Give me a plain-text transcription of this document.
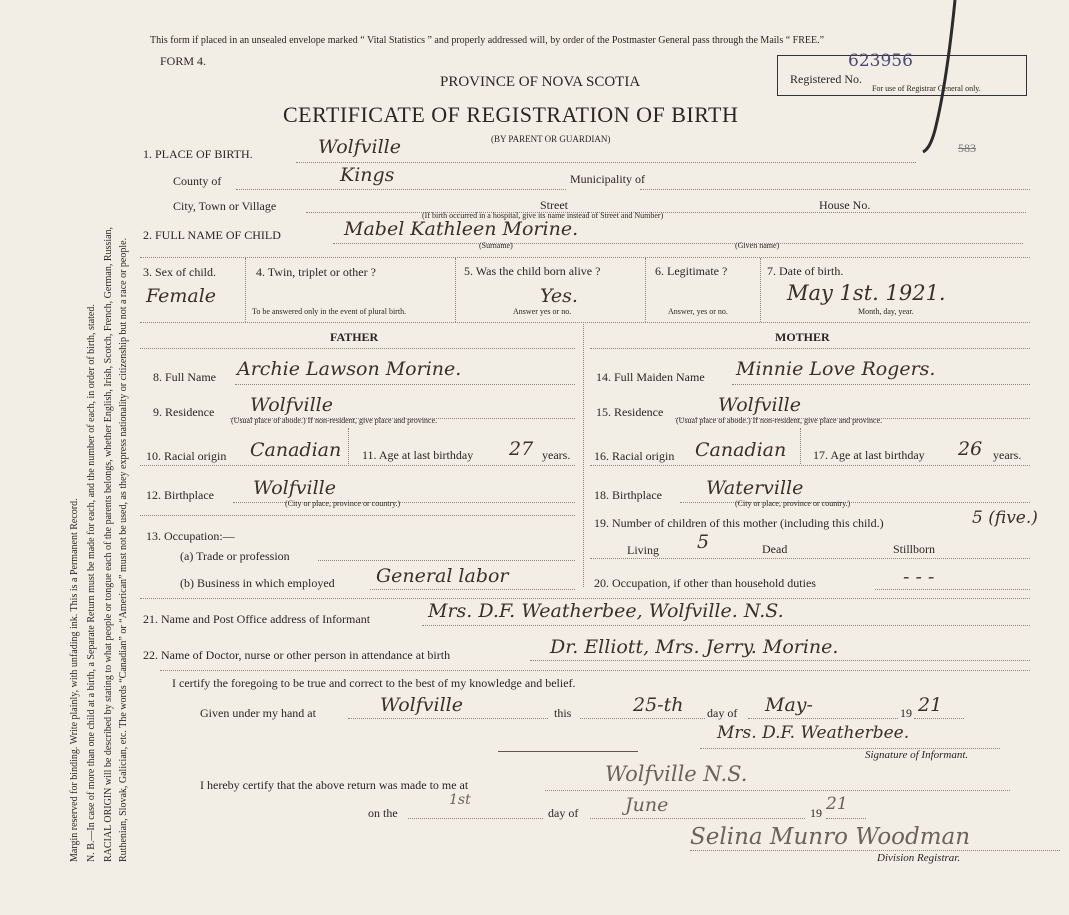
Margin reserved for binding. Write plainly, with unfading ink. This is a Permanent Record. N. B.—In case of more than one child at a birth, a Separate Return must be made for each, and the number of each, in order of birth, stated. RACIAL ORIGIN will be described by stating to what people or tongue each of the parents belongs, whether English, Irish, Scotch, French, German, Russian, Ruthenian, Slovak, Galician, etc. The words “Canadian” or “American” must not be used, as they express nationality or citizenship but not a race or people.
This form if placed in an unsealed envelope marked “ Vital Statistics ” and properly addressed will, by order of the Postmaster General pass through the Mails “ FREE.”
FORM 4.
PROVINCE OF NOVA SCOTIA
CERTIFICATE OF REGISTRATION OF BIRTH
(BY PARENT OR GUARDIAN)
623956
Registered No.
For use of Registrar General only.
583
1. PLACE OF BIRTH.	Wolfville
County of	Kings	Municipality of
City, Town or Village	Street	House No.
(If birth occurred in a hospital, give its name instead of Street and Number)
2. FULL NAME OF CHILD	Mabel Kathleen Morine.
(Surname)	(Given name)
3. Sex of child.
Female
4. Twin, triplet or other ?
To be answered only in the event of plural birth.
5. Was the child born alive ?
Yes.
Answer yes or no.
6. Legitimate ?
Answer, yes or no.
7. Date of birth.
May 1st. 1921.
Month, day, year.
FATHER	MOTHER
8. Full Name Archie Lawson Morine.
9. Residence Wolfville
(Usual place of abode.) If non-resident, give place and province.
10. Racial origin Canadian 11. Age at last birthday 27 years.
12. Birthplace Wolfville
(City or place, province or country.)
13. Occupation:—
(a) Trade or profession
(b) Business in which employed General labor
14. Full Maiden Name Minnie Love Rogers.
15. Residence	Wolfville
(Usual place of abode.) If non-resident, give place and province.
16. Racial origin Canadian 17. Age at last birthday 26 years.
18. Birthplace Waterville
(City or place, province or country.)
19. Number of children of this mother (including this child.)	5 (five.)
Living 5	Dead	Stillborn
20. Occupation, if other than household duties	- - -
21. Name and Post Office address of Informant	Mrs. D.F. Weatherbee, Wolfville. N.S.
22. Name of Doctor, nurse or other person in attendance at birth	Dr. Elliott, Mrs. Jerry. Morine.
I certify the foregoing to be true and correct to the best of my knowledge and belief.
Given under my hand at	Wolfville	this	25-th day of May-	19 21
Mrs. D.F. Weatherbee.
Signature of Informant.
I hereby certify that the above return was made to me at	Wolfville N.S.
on the
1st
day of June	19 21
Selina Munro Woodman
Division Registrar.
